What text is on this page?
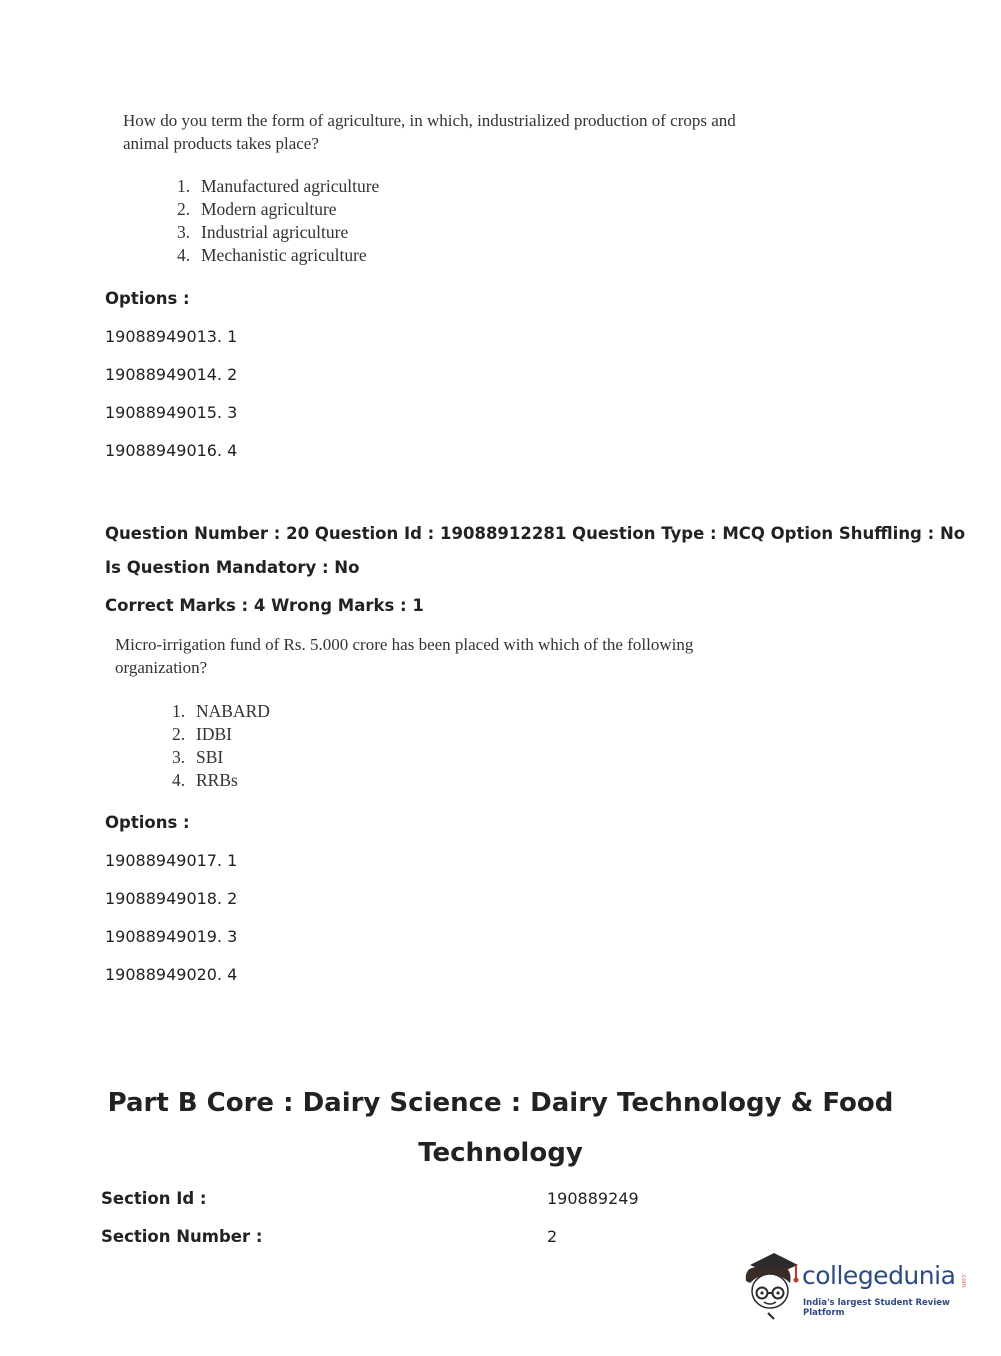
How do you term the form of agriculture, in which, industrialized production of crops and
animal products takes place?
1. Manufactured agriculture
2. Modern agriculture
3. Industrial agriculture
4. Mechanistic agriculture
Options :
19088949013. 1
19088949014. 2
19088949015. 3
19088949016. 4
Question Number : 20 Question Id : 19088912281 Question Type : MCQ Option Shuffling : No
Is Question Mandatory : No
Correct Marks : 4 Wrong Marks : 1
Micro-irrigation fund of Rs. 5.000 crore has been placed with which of the following
organization?
1. NABARD
2. IDBI
3. SBI
4. RRBs
Options :
19088949017. 1
19088949018. 2
19088949019. 3
19088949020. 4
Part B Core : Dairy Science : Dairy Technology & Food
Technology
Section Id :	190889249
Section Number :	2
collegedunia .com
India's largest Student Review Platform
